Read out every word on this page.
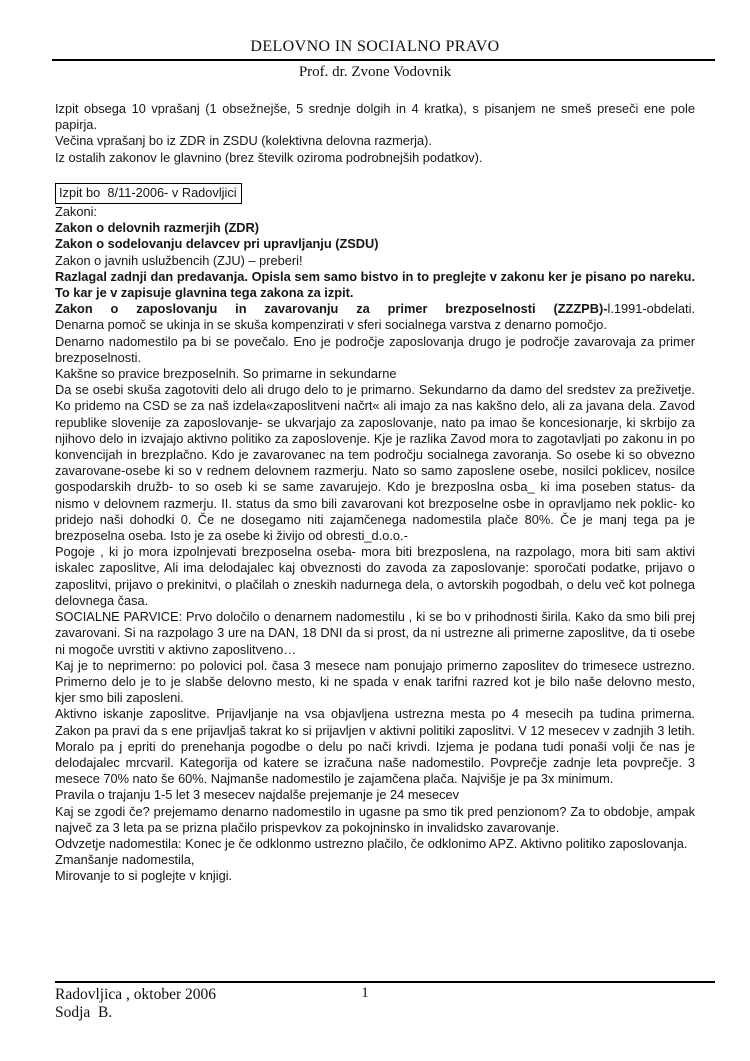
DELOVNO IN SOCIALNO PRAVO
Prof. dr. Zvone Vodovnik

Izpit obsega 10 vprašanj (1 obsežnejše, 5 srednje dolgih in 4 kratka), s pisanjem ne smeš preseči ene pole papirja.

Večina vprašanj bo iz ZDR in ZSDU (kolektivna delovna razmerja).

Iz ostalih zakonov le glavnino (brez številk oziroma podrobnejših podatkov).

Izpit bo  8/11-2006- v Radovljici

Zakoni:

Zakon o delovnih razmerjih (ZDR)

Zakon o sodelovanju delavcev pri upravljanju (ZSDU)

Zakon o javnih uslužbencih (ZJU) – preberi!

Razlagal zadnji dan predavanja. Opisla sem samo bistvo in to preglejte v zakonu ker je pisano po nareku. To kar je v zapisuje glavnina tega zakona za izpit.

Zakon o zaposlovanju in zavarovanju za primer brezposelnosti (ZZZPB)-l.1991-obdelati.

Denarna pomoč se ukinja in se skuša kompenzirati v sferi socialnega varstva z denarno pomočjo.

Denarno nadomestilo pa bi se povečalo. Eno je področje zaposlovanja drugo je področje zavarovaja za primer brezposelnosti.

Kakšne so pravice brezposelnih. So primarne in sekundarne

Da se osebi skuša zagotoviti delo ali drugo delo to je primarno. Sekundarno da damo del sredstev za preživetje. Ko pridemo na CSD se za naš izdela«zaposlitveni načrt« ali imajo za nas kakšno delo, ali za javana dela. Zavod republike slovenije za zaposlovanje- se ukvarjajo za zaposlovanje, nato pa imao še koncesionarje, ki skrbijo za njihovo delo in izvajajo aktivno politiko za zaposlovenje. Kje je razlika Zavod mora to zagotavljati po zakonu in po konvencijah in brezplačno. Kdo je zavarovanec na tem področju socialnega zavoranja. So osebe ki so obvezno zavarovane-osebe ki so v rednem delovnem razmerju. Nato so samo zaposlene osebe, nosilci poklicev, nosilce gospodarskih družb- to so oseb ki se same zavarujejo. Kdo je brezposlna osba_ ki ima poseben status- da nismo v delovnem razmerju. II. status da smo bili zavarovani kot brezposelne osbe in opravljamo nek poklic- ko pridejo naši dohodki 0. Če ne dosegamo niti zajamčenega nadomestila plače 80%. Če je manj tega pa je brezposelna oseba. Isto je za osebe ki živijo od obresti_d.o.o.-

Pogoje , ki jo mora izpolnjevati brezposelna oseba- mora biti brezposlena, na razpolago, mora biti sam aktivi iskalec zaposlitve, Ali ima delodajalec kaj obveznosti do zavoda za zaposlovanje: sporočati podatke, prijavo o zaposlitvi, prijavo o prekinitvi, o plačilah o zneskih nadurnega dela, o avtorskih pogodbah, o delu več kot polnega delovnega časa.

SOCIALNE PARVICE: Prvo določilo o denarnem nadomestilu , ki se bo v prihodnosti širila. Kako da smo bili prej zavarovani. Si na razpolago 3 ure na DAN, 18 DNI da si prost, da ni ustrezne ali primerne zaposlitve, da ti osebe ni mogoče uvrstiti v aktivno zaposlitveno…

Kaj je to neprimerno: po polovici pol. časa 3 mesece nam ponujajo primerno zaposlitev do trimesece ustrezno. Primerno delo je to je slabše delovno mesto, ki ne spada v enak tarifni razred kot je bilo naše delovno mesto, kjer smo bili zaposleni.

Aktivno iskanje zaposlitve. Prijavljanje na vsa objavljena ustrezna mesta po 4 mesecih pa tudina primerna. Zakon pa pravi da s ene prijavljaš takrat ko si prijavljen v aktivni politiki zaposlitvi. V 12 mesecev v zadnjih 3 letih. Moralo pa j epriti do prenehanja pogodbe o delu po nači krivdi. Izjema je podana tudi ponaši volji če nas je delodajalec mrcvaril. Kategorija od katere se izračuna naše nadomestilo. Povprečje zadnje leta povprečje. 3 mesece 70% nato še 60%. Najmanše nadomestilo je zajamčena plača. Najvišje je pa 3x minimum.

Pravila o trajanju 1-5 let 3 mesecev najdalše prejemanje je 24 mesecev

Kaj se zgodi če? prejemamo denarno nadomestilo in ugasne pa smo tik pred penzionom? Za to obdobje, ampak največ za 3 leta pa se prizna plačilo prispevkov za pokojninsko in invalidsko zavarovanje.

Odvzetje nadomestila: Konec je če odklonmo ustrezno plačilo, če odklonimo APZ. Aktivno politiko zaposlovanja.

Zmanšanje nadomestila,

Mirovanje to si poglejte v knjigi.

Radovljica , oktober 2006	1
Sodja  B.
